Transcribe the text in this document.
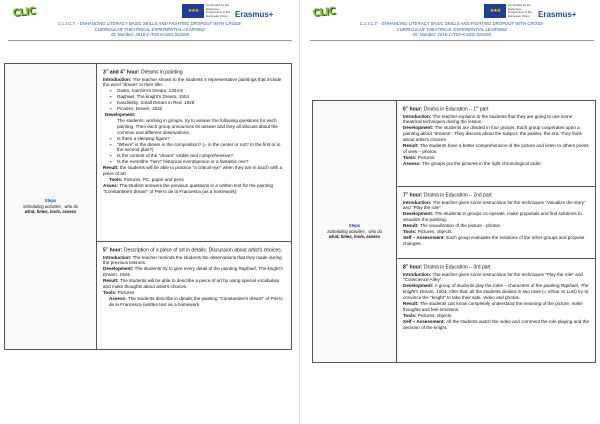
CLIC	★★★
Co-funded by the Erasmus+ Programme of the European Union Erasmus+
C.L.I.C.T. - ENHANCING LITERACY BASIC SKILLS AND FIGHTING DROPOUT WITH CROSS-
CURRICULAR THEATRICAL EXPERIENTIAL LEARNING
ID: Number: 2016-1-IT02-KA201-024155
Steps
Scheduling activities , who do
what, times, tools, assess

3rd and 4th hour: Dreams in painting

Introduction: The teacher shows to the students 4 representative paintings that include the word "dream" in their title.

➢ Giotto, Ioachim's Dream, 1304-6
➢ Raphael, The knight's Dream, 1504
➢ Kandinsky, Small Dream in Red, 1925
➢ Picasso, Dream, 1932

Development:

The students, working in groups, try to answer the following questions for each painting. Then each group announces its answer and they all discuss about the common and different observations.

➢ Is there a sleeping figure?
➢ "Where" is the dream in the composition? (= in the center or not? In the first or in the second plan?)
➢ Is the content of the "dream" visible and comprehensive?
➢ Is the event/the "hero" historical event/person or a fantastic one?

Result: the students will be able to practice "a critical eye" when they are in touch with a piece of art.

Tools: Pictures, PC, paper and pens

Asses: The student answers the previous questions in a written text for the painting "Constantine's dream" of Pierro de la Francesca (as a homework)

5th hour: Description of a piece of art in details. Discussion about artist's choices.

Introduction: The teacher reminds the students the observations that they made during the previous lessons.

Development: The students try to give every detail of the painting Raphael, The knight's Dream, 1504.

Result: The students will be able to describe a piece of art by using special vocabulary and make thoughts about artist's choices.

Tools: Pictures

Assess: The students describe in details the painting "Constantine's dream" of Pierro de la Francesca (written text as a homework

CLIC	★★★
Co-funded by the Erasmus+ Programme of the European Union	Erasmus+
C.L.I.C.T. - ENHANCING LITERACY BASIC SKILLS AND FIGHTING DROPOUT WITH CROSS-
CURRICULAR THEATRICAL EXPERIENTIAL LEARNING
ID: Number: 2016-1-IT02-KA201-024155
Steps
Scheduling activities , who do
what, times, tools, assess

6th hour: Drama in Education – 1st part

Introduction: The teacher explains to the students that they are going to use some theatrical techniques during the lesson.

Development: The students are divided in four groups. Each group cooperates upon a painting about "dreams". They discuss about the subject, the painter, the era. They think about artist's choices.

Result: The students have a better comprehension of the picture and listen to others points of view – photos.

Tools: Pictures

Assess: The groups put the pictures in the right chronological order.

7th hour: Drama in Education – 2nd part

Introduction: The teacher gives some instructions for the techniques "Visualize the story" and "Play the role"

Development: The students in groups co-operate, make proposals and find solutions to visualize the painting.

Result: The visualization of the picture - photos.

Tools: Pictures, objects.

Self – Assessment: Each group evaluates the solutions of the other groups and propose changes.

8th hour: Drama in Education – 3rd part

Introduction: The teacher gives some instructions for the techniques "Play the role" and "Conscience Alley".

Development: A group of students play the roles – characters of the painting Raphael, The knight's Dream, 1504. After that, all the students divided in two rows (= Virtue vs Lust) try to convince the "knight" to take their side. Video and photos.

Result: The students can know completely understand the meaning of the picture, make thoughts and feel emotions.

Tools: Pictures, objects.

Self – Assessment: All the students watch the video and comment the role playing and the decision of the knight.
